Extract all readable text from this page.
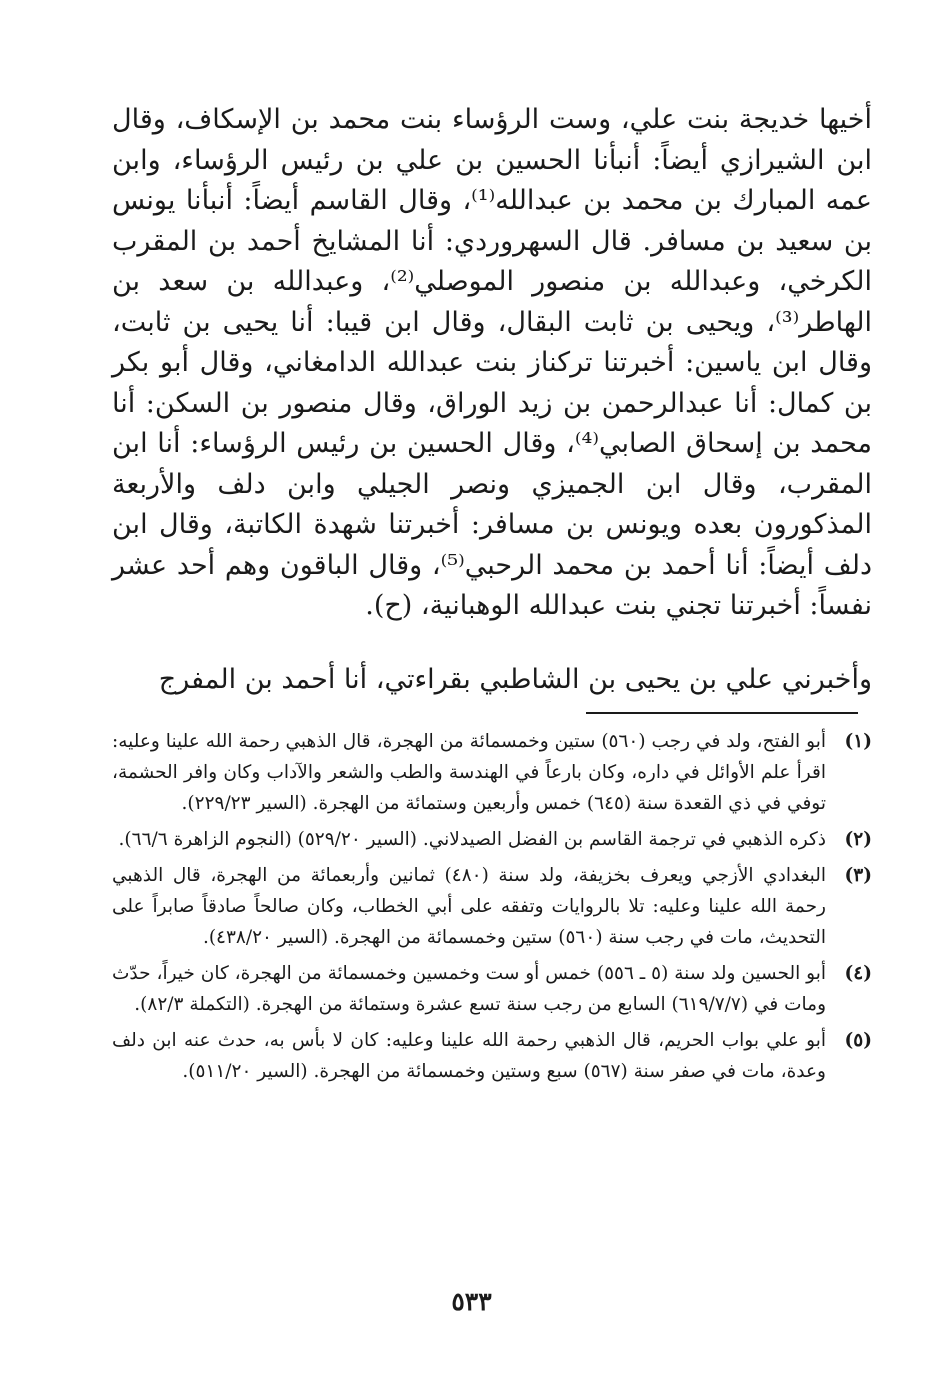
أخيها خديجة بنت علي، وست الرؤساء بنت محمد بن الإسكاف، وقال ابن الشيرازي أيضاً: أنبأنا الحسين بن علي بن رئيس الرؤساء، وابن عمه المبارك بن محمد بن عبدالله⁽¹⁾، وقال القاسم أيضاً: أنبأنا يونس بن سعيد بن مسافر. قال السهروردي: أنا المشايخ أحمد بن المقرب الكرخي، وعبدالله بن منصور الموصلي⁽²⁾، وعبدالله بن سعد بن الهاطر⁽³⁾، ويحيى بن ثابت البقال، وقال ابن قيبا: أنا يحيى بن ثابت، وقال ابن ياسين: أخبرتنا تركناز بنت عبدالله الدامغاني، وقال أبو بكر بن كمال: أنا عبدالرحمن بن زيد الوراق، وقال منصور بن السكن: أنا محمد بن إسحاق الصابي⁽⁴⁾، وقال الحسين بن رئيس الرؤساء: أنا ابن المقرب، وقال ابن الجميزي ونصر الجيلي وابن دلف والأربعة المذكورون بعده ويونس بن مسافر: أخبرتنا شهدة الكاتبة، وقال ابن دلف أيضاً: أنا أحمد بن محمد الرحبي⁽⁵⁾، وقال الباقون وهم أحد عشر نفساً: أخبرتنا تجني بنت عبدالله الوهبانية، (ح).

وأخبرني علي بن يحيى بن الشاطبي بقراءتي، أنا أحمد بن المفرج

(١)
أبو الفتح، ولد في رجب (٥٦٠) ستين وخمسمائة من الهجرة، قال الذهبي رحمة الله علينا وعليه: اقرأ علم الأوائل في داره، وكان بارعاً في الهندسة والطب والشعر والآداب وكان وافر الحشمة، توفي في ذي القعدة سنة (٦٤٥) خمس وأربعين وستمائة من الهجرة. (السير ٢٢٩/٢٣).
(٢)
ذكره الذهبي في ترجمة القاسم بن الفضل الصيدلاني. (السير ٥٢٩/٢٠) (النجوم الزاهرة ٦٦/٦).
(٣)
البغدادي الأزجي ويعرف بخزيفة، ولد سنة (٤٨٠) ثمانين وأربعمائة من الهجرة، قال الذهبي رحمة الله علينا وعليه: تلا بالروايات وتفقه على أبي الخطاب، وكان صالحاً صادقاً صابراً على التحديث، مات في رجب سنة (٥٦٠) ستين وخمسمائة من الهجرة. (السير ٤٣٨/٢٠).
(٤)
أبو الحسين ولد سنة (٥ ـ ٥٥٦) خمس أو ست وخمسين وخمسمائة من الهجرة، كان خيراً، حدّث ومات في (٦١٩/٧/٧) السابع من رجب سنة تسع عشرة وستمائة من الهجرة. (التكملة ٨٢/٣).
(٥)
أبو علي بواب الحريم، قال الذهبي رحمة الله علينا وعليه: كان لا بأس به، حدث عنه ابن دلف وعدة، مات في صفر سنة (٥٦٧) سبع وستين وخمسمائة من الهجرة. (السير ٥١١/٢٠).
٥٣٣
